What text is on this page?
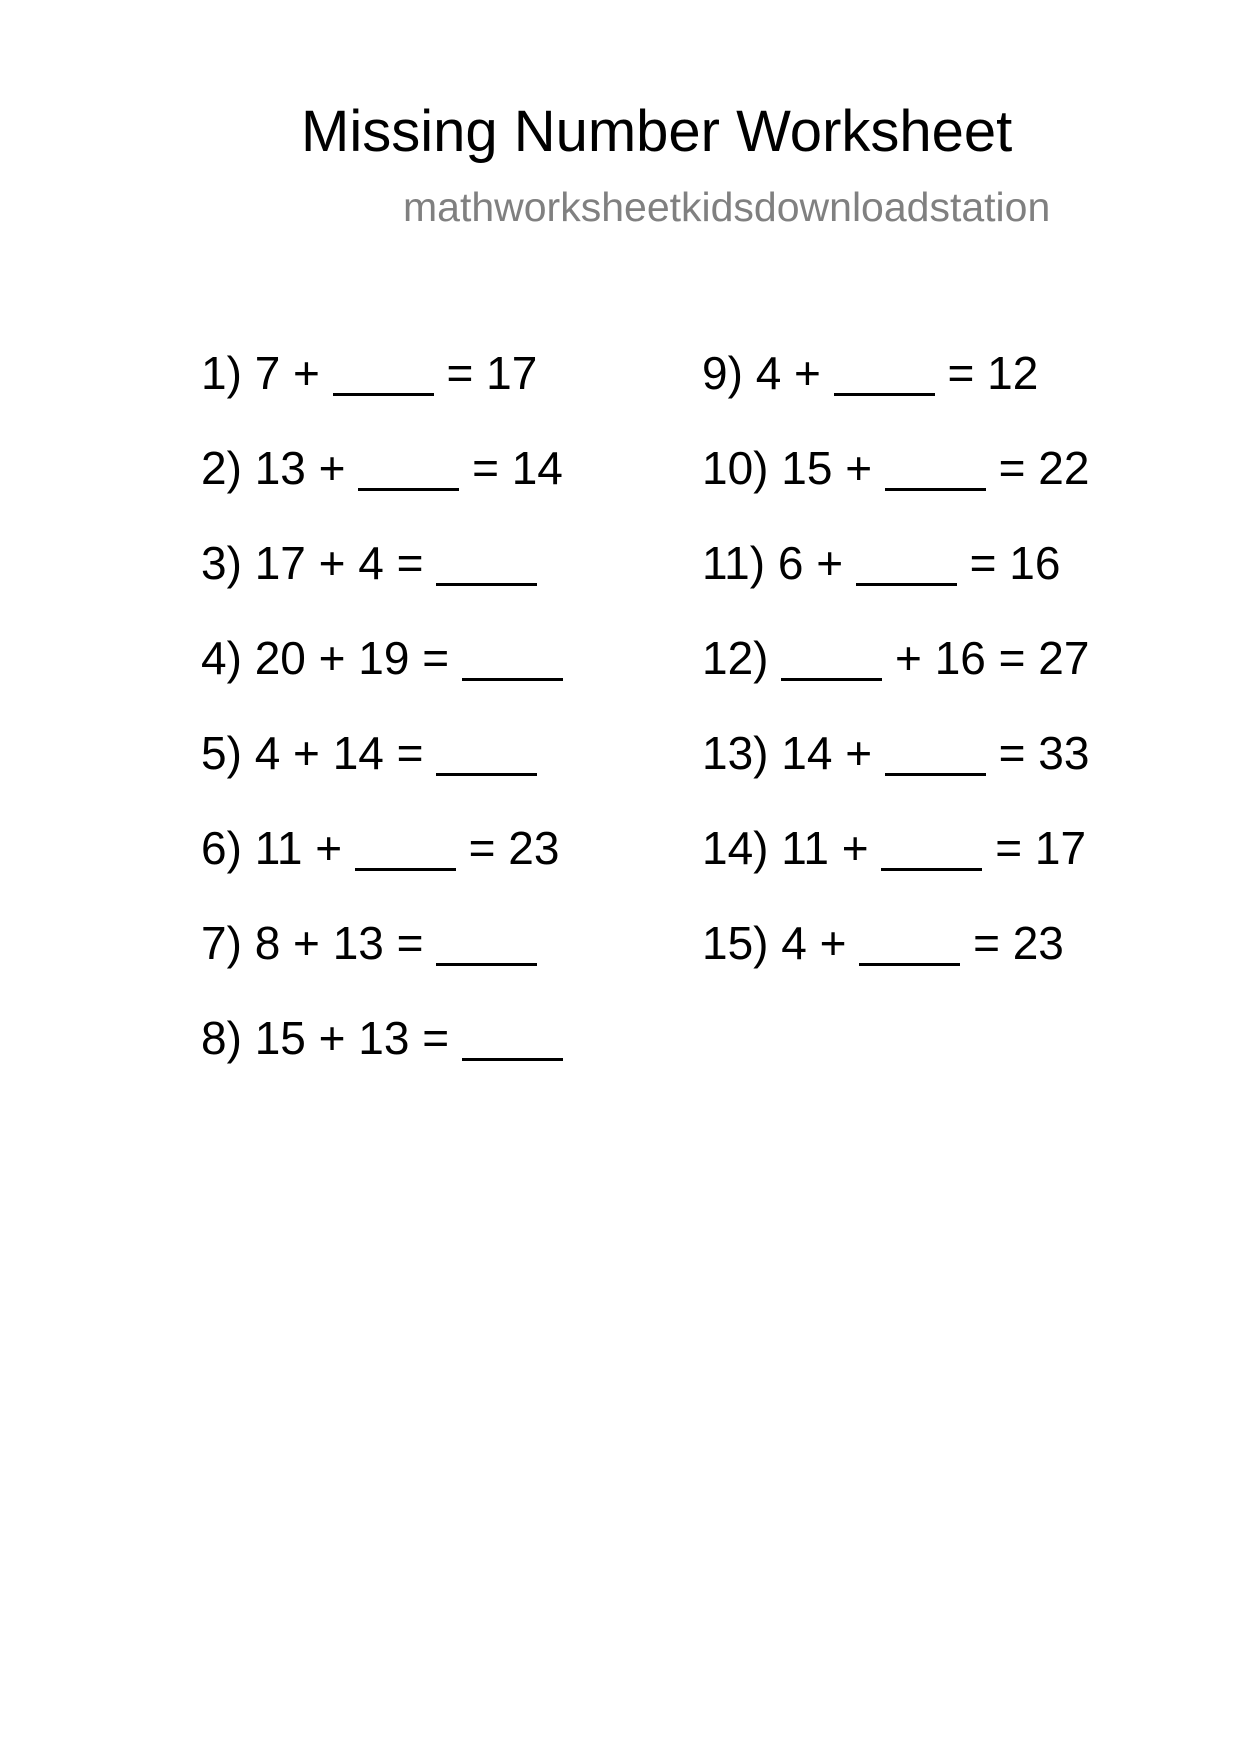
Missing Number Worksheet
mathworksheetkidsdownloadstation
1) 7 +	= 17
2) 13 +	= 14
3) 17 + 4 =
4) 20 + 19 =
5) 4 + 14 =
6) 11 +	= 23
7) 8 + 13 =
8) 15 + 13 =
9) 4 +	= 12
10) 15 +	= 22
11) 6 +	= 16
12)	+ 16 = 27
13) 14 +	= 33
14) 11 +	= 17
15) 4 +	= 23
